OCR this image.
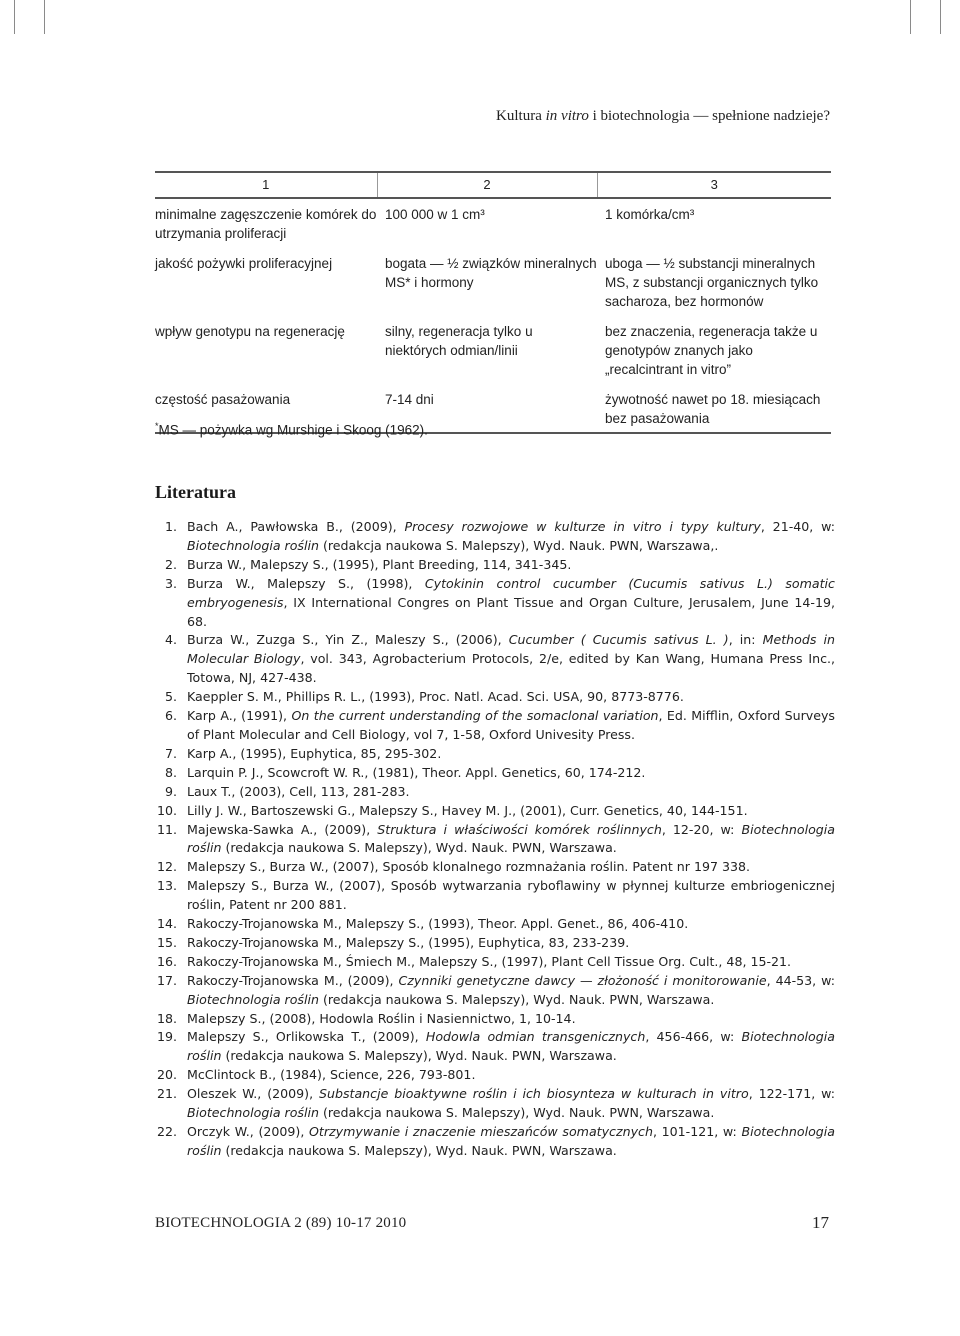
Kultura in vitro i biotechnologia — spełnione nadzieje?
1	2	3
minimalne zagęszczenie komórek do utrzymania proliferacji	100 000 w 1 cm³	1 komórka/cm³
jakość pożywki proliferacyjnej	bogata — ½ związków mineralnych MS* i hormony	uboga — ½ substancji mineralnych MS, z substancji organicznych tylko sacharoza, bez hormonów
wpływ genotypu na regenerację	silny, regeneracja tylko u niektórych odmian/linii	bez znaczenia, regeneracja także u genotypów znanych jako „recalcintrant in vitro”
częstość pasażowania	7-14 dni	żywotność nawet po 18. miesiącach bez pasażowania
*MS — pożywka wg Murshige i Skoog (1962).
Literatura
1. Bach A., Pawłowska B., (2009), Procesy rozwojowe w kulturze in vitro i typy kultury, 21-40, w: Biotechnologia roślin (redakcja naukowa S. Malepszy), Wyd. Nauk. PWN, Warszawa,.
2. Burza W., Malepszy S., (1995), Plant Breeding, 114, 341-345.
3. Burza W., Malepszy S., (1998), Cytokinin control cucumber (Cucumis sativus L.) somatic embryogenesis, IX International Congres on Plant Tissue and Organ Culture, Jerusalem, June 14-19, 68.
4. Burza W., Zuzga S., Yin Z., Maleszy S., (2006), Cucumber ( Cucumis sativus L. ), in: Methods in Molecular Biology, vol. 343, Agrobacterium Protocols, 2/e, edited by Kan Wang, Humana Press Inc., Totowa, NJ, 427-438.
5. Kaeppler S. M., Phillips R. L., (1993), Proc. Natl. Acad. Sci. USA, 90, 8773-8776.
6. Karp A., (1991), On the current understanding of the somaclonal variation, Ed. Mifflin, Oxford Surveys of Plant Molecular and Cell Biology, vol 7, 1-58, Oxford Univesity Press.
7. Karp A., (1995), Euphytica, 85, 295-302.
8. Larquin P. J., Scowcroft W. R., (1981), Theor. Appl. Genetics, 60, 174-212.
9. Laux T., (2003), Cell, 113, 281-283.
10. Lilly J. W., Bartoszewski G., Malepszy S., Havey M. J., (2001), Curr. Genetics, 40, 144-151.
11. Majewska-Sawka A., (2009), Struktura i właściwości komórek roślinnych, 12-20, w: Biotechnologia roślin (redakcja naukowa S. Malepszy), Wyd. Nauk. PWN, Warszawa.
12. Malepszy S., Burza W., (2007), Sposób klonalnego rozmnażania roślin. Patent nr 197 338.
13. Malepszy S., Burza W., (2007), Sposób wytwarzania ryboflawiny w płynnej kulturze embriogenicznej roślin, Patent nr 200 881.
14. Rakoczy-Trojanowska M., Malepszy S., (1993), Theor. Appl. Genet., 86, 406-410.
15. Rakoczy-Trojanowska M., Malepszy S., (1995), Euphytica, 83, 233-239.
16. Rakoczy-Trojanowska M., Śmiech M., Malepszy S., (1997), Plant Cell Tissue Org. Cult., 48, 15-21.
17. Rakoczy-Trojanowska M., (2009), Czynniki genetyczne dawcy — złożoność i monitorowanie, 44-53, w: Biotechnologia roślin (redakcja naukowa S. Malepszy), Wyd. Nauk. PWN, Warszawa.
18. Malepszy S., (2008), Hodowla Roślin i Nasiennictwo, 1, 10-14.
19. Malepszy S., Orlikowska T., (2009), Hodowla odmian transgenicznych, 456-466, w: Biotechnologia roślin (redakcja naukowa S. Malepszy), Wyd. Nauk. PWN, Warszawa.
20. McClintock B., (1984), Science, 226, 793-801.
21. Oleszek W., (2009), Substancje bioaktywne roślin i ich biosynteza w kulturach in vitro, 122-171, w: Biotechnologia roślin (redakcja naukowa S. Malepszy), Wyd. Nauk. PWN, Warszawa.
22. Orczyk W., (2009), Otrzymywanie i znaczenie mieszańców somatycznych, 101-121, w: Biotechnologia roślin (redakcja naukowa S. Malepszy), Wyd. Nauk. PWN, Warszawa.
BIOTECHNOLOGIA 2 (89) 10-17 2010	17
